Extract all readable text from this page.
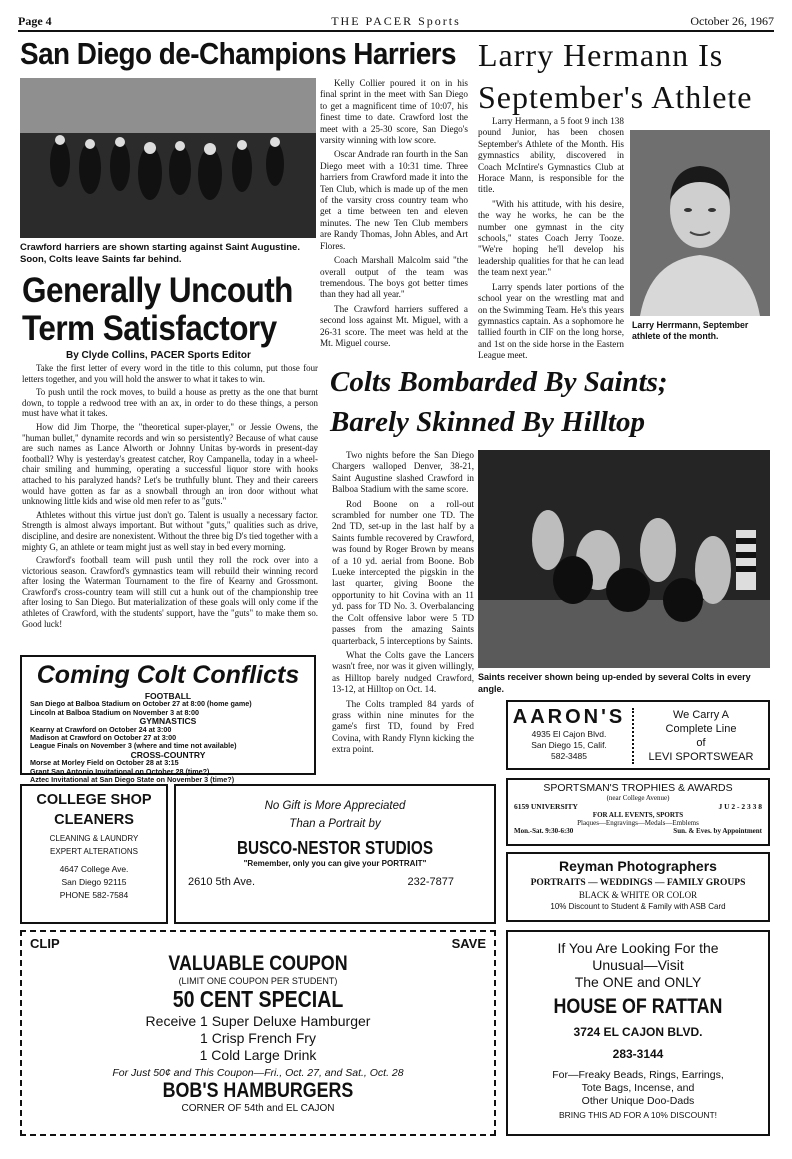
Page 4	THE PACER Sports	October 26, 1967
San Diego de-Champions Harriers
Crawford harriers are shown starting against Saint Augustine. Soon, Colts leave Saints far behind.

Kelly Collier poured it on in his final sprint in the meet with San Diego to get a magnificent time of 10:07, his finest time to date. Crawford lost the meet with a 25-30 score, San Diego's varsity winning with low score.

Oscar Andrade ran fourth in the San Diego meet with a 10:31 time. Three harriers from Crawford made it into the Ten Club, which is made up of the men of the varsity cross country team who get a time between ten and eleven minutes. The new Ten Club members are Randy Thomas, John Ables, and Art Flores.

Coach Marshall Malcolm said "the overall output of the team was tremendous. The boys got better times than they had all year."

The Crawford harriers suffered a second loss against Mt. Miguel, with a 26-31 score. The meet was held at the Mt. Miguel course.

Larry Hermann Is
September's Athlete

Larry Hermann, a 5 foot 9 inch 138 pound Junior, has been chosen September's Athlete of the Month. His gymnastics ability, discovered in Coach McIntire's Gymnastics Club at Horace Mann, is responsible for the title.

"With his attitude, with his desire, the way he works, he can be the number one gymnast in the city schools," states Coach Jerry Tooze. "We're hoping he'll develop his leadership qualities for that he can lead the team next year."

Larry spends later portions of the school year on the wrestling mat and on the Swimming Team. He's this years gymnastics captain. As a sophomore he tallied fourth in CIF on the long horse, and 1st on the side horse in the Eastern League meet.

Larry Herrmann, September athlete of the month.
Generally Uncouth
Term Satisfactory
By Clyde Collins, PACER Sports Editor

Take the first letter of every word in the title to this column, put those four letters together, and you will hold the answer to what it takes to win.

To push until the rock moves, to build a house as pretty as the one that burnt down, to topple a redwood tree with an ax, in order to do these things, a person must have what it takes.

How did Jim Thorpe, the "theoretical super-player," or Jessie Owens, the "human bullet," dynamite records and win so persistently? Because of what cause are such names as Lance Alworth or Johnny Unitas by-words in present-day football? Why is yesterday's greatest catcher, Roy Campanella, today in a wheel-chair smiling and humming, operating a successful liquor store with hooks attached to his paralyzed hands? Let's be truthfully blunt. They and their careers would have gotten as far as a snowball through an iron door without what unknowing little kids and wise old men refer to as "guts."

Athletes without this virtue just don't go. Talent is usually a necessary factor. Strength is almost always important. But without "guts," qualities such as drive, discipline, and desire are nonexistent. Without the three big D's tied together with a mighty G, an athlete or team might just as well stay in bed every morning.

Crawford's football team will push until they roll the rock over into a victorious season. Crawford's gymnastics team will rebuild their winning record after losing the Waterman Tournament to the fire of Kearny and Grossmont. Crawford's cross-country team will still cut a hunk out of the championship tree after losing to San Diego. But materialization of these goals will only come if the athletes of Crawford, with the students' support, have the "guts" to make them so. Good luck!

Colts Bombarded By Saints;
Barely Skinned By Hilltop

Two nights before the San Diego Chargers walloped Denver, 38-21, Saint Augustine slashed Crawford in Balboa Stadium with the same score.

Rod Boone on a roll-out scrambled for number one TD. The 2nd TD, set-up in the last half by a Saints fumble recovered by Crawford, was found by Roger Brown by means of a 10 yd. aerial from Boone. Bob Lueke intercepted the pigskin in the last quarter, giving Boone the opportunity to hit Covina with an 11 yd. pass for TD No. 3. Overbalancing the Colt offensive labor were 5 TD passes from the amazing Saints quarterback, 5 interceptions by Saints.

What the Colts gave the Lancers wasn't free, nor was it given willingly, as Hilltop barely nudged Crawford, 13-12, at Hilltop on Oct. 14.

The Colts trampled 84 yards of grass within nine minutes for the game's first TD, found by Fred Covina, with Randy Flynn kicking the extra point.

Saints receiver shown being up-ended by several Colts in every angle.
Coming Colt Conflicts
FOOTBALL
San Diego at Balboa Stadium on October 27 at 8:00 (home game)
Lincoln at Balboa Stadium on November 3 at 8:00
GYMNASTICS
Kearny at Crawford on October 24 at 3:00
Madison at Crawford on October 27 at 3:00
League Finals on November 3 (where and time not available)
CROSS-COUNTRY
Morse at Morley Field on October 28 at 3:15
Grant San Antonio Invitational on October 28 (time?)
Aztec Invitational at San Diego State on November 3 (time?)
AARON'S
4935 El Cajon Blvd.
San Diego 15, Calif.
582-3485
We Carry A
Complete Line
of
LEVI SPORTSWEAR
SPORTSMAN'S TROPHIES & AWARDS
(near College Avenue)
6159 UNIVERSITY	J U 2 - 2 3 3 8
FOR ALL EVENTS, SPORTS
Plaques—Engravings—Medals—Emblems
Mon.-Sat. 9:30-6:30	Sun. & Eves. by Appointment
COLLEGE SHOP
CLEANERS
CLEANING & LAUNDRY
EXPERT ALTERATIONS
4647 College Ave.
San Diego 92115
PHONE 582-7584
No Gift is More Appreciated
Than a Portrait by
BUSCO-NESTOR STUDIOS
"Remember, only you can give your PORTRAIT"
2610 5th Ave.	232-7877
Reyman Photographers
PORTRAITS — WEDDINGS — FAMILY GROUPS
BLACK & WHITE OR COLOR
10% Discount to Student & Family with ASB Card
CLIP	SAVE
VALUABLE COUPON
(LIMIT ONE COUPON PER STUDENT)
50 CENT SPECIAL
Receive 1 Super Deluxe Hamburger
1 Crisp French Fry
1 Cold Large Drink
For Just 50¢ and This Coupon—Fri., Oct. 27, and Sat., Oct. 28
BOB'S HAMBURGERS
CORNER OF 54th and EL CAJON
If You Are Looking For the
Unusual—Visit
The ONE and ONLY
HOUSE OF RATTAN
3724 EL CAJON BLVD.
283-3144
For—Freaky Beads, Rings, Earrings,
Tote Bags, Incense, and
Other Unique Doo-Dads
BRING THIS AD FOR A 10% DISCOUNT!
